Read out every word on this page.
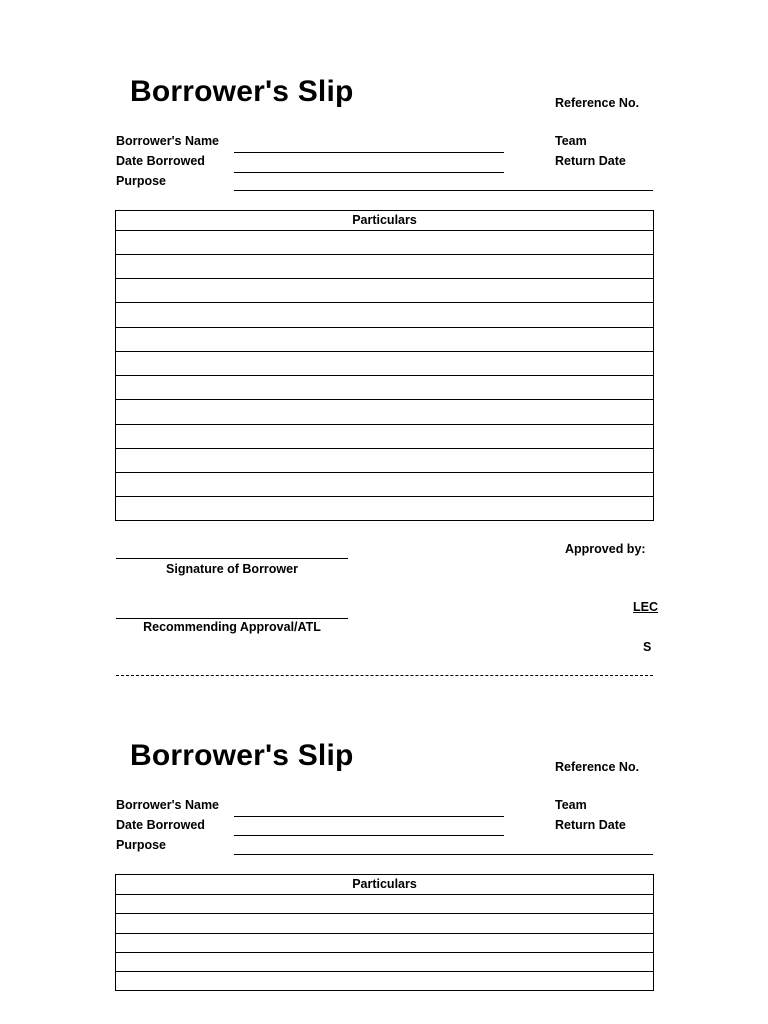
Borrower's Slip	Reference No.
Borrower's Name
Date Borrowed
Purpose
Team
Return Date
Particulars
Approved by:
Signature of Borrower
LEC
Recommending Approval/ATL
S
Borrower's Slip	Reference No.
Borrower's Name
Date Borrowed
Purpose
Team
Return Date
Particulars
